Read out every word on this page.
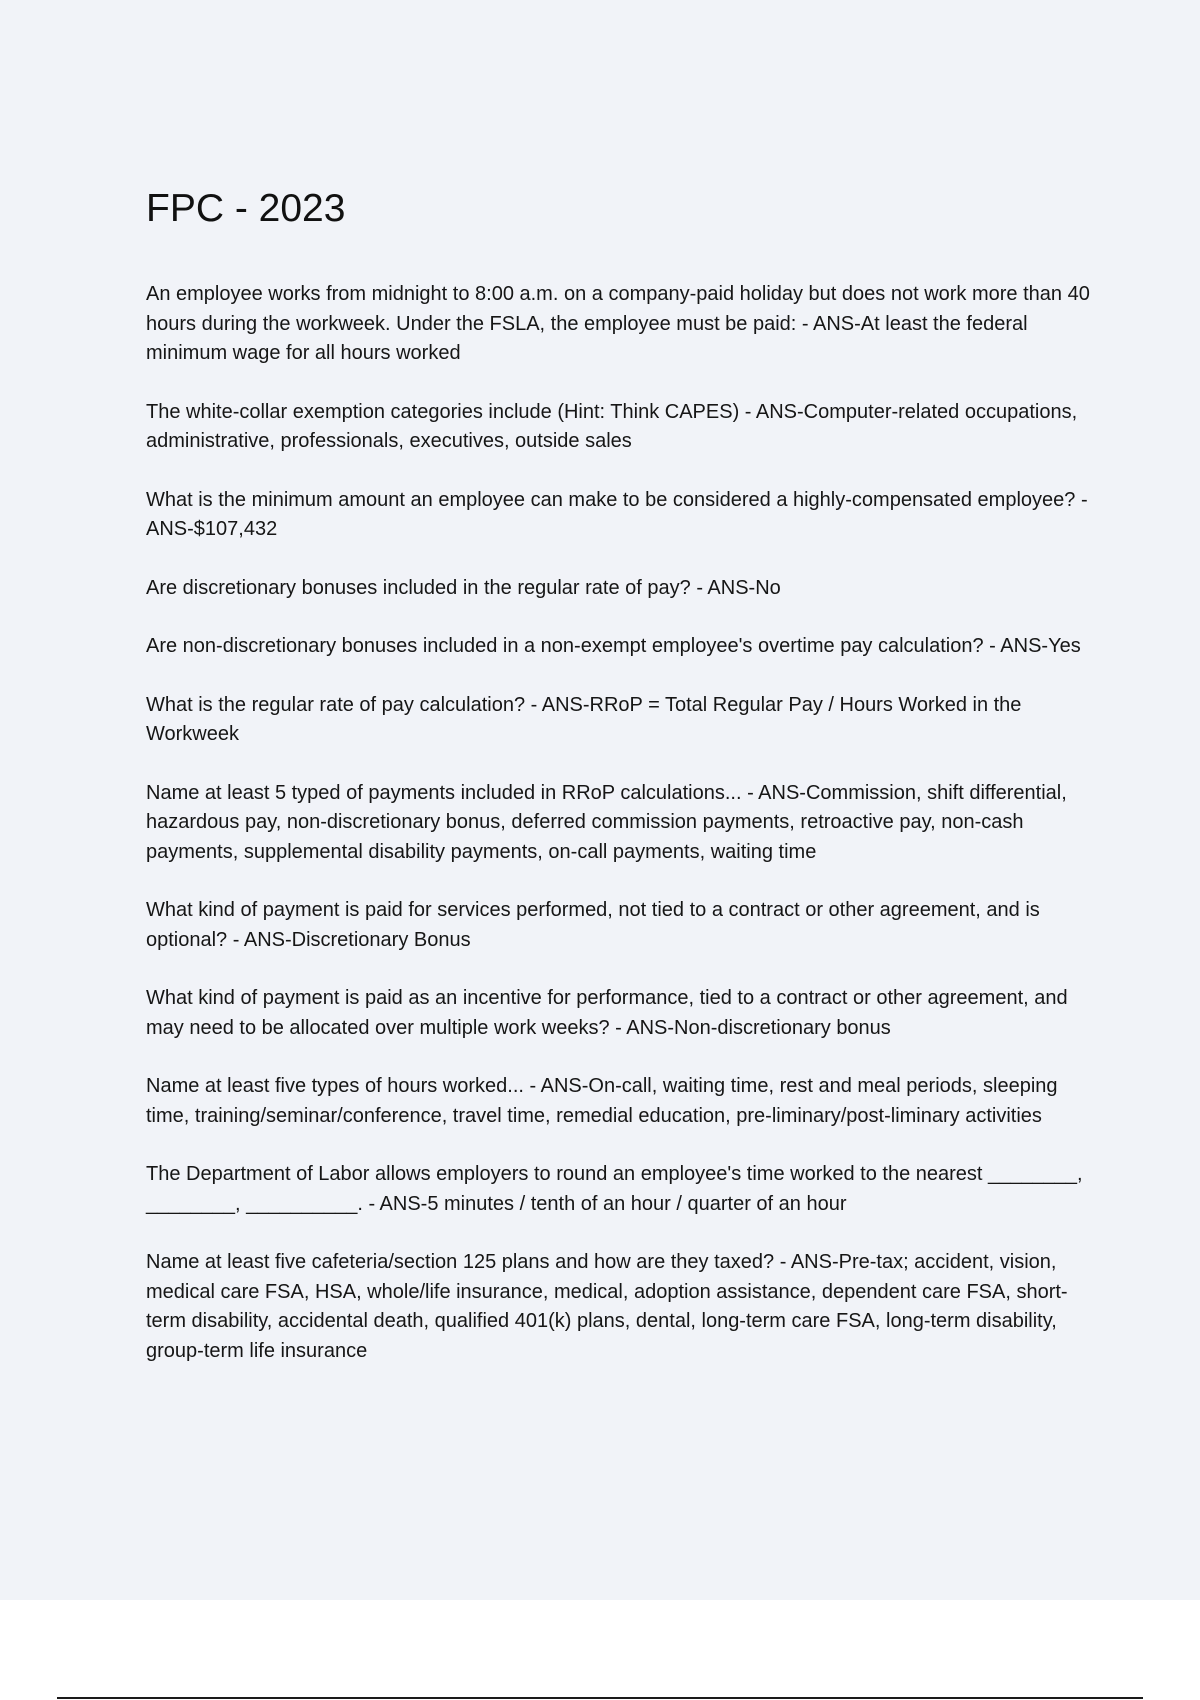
FPC - 2023
An employee works from midnight to 8:00 a.m. on a company-paid holiday but does not work more than 40 hours during the workweek. Under the FSLA, the employee must be paid: - ANS-At least the federal minimum wage for all hours worked
The white-collar exemption categories include (Hint: Think CAPES) - ANS-Computer-related occupations, administrative, professionals, executives, outside sales
What is the minimum amount an employee can make to be considered a highly-compensated employee? - ANS-$107,432
Are discretionary bonuses included in the regular rate of pay? - ANS-No
Are non-discretionary bonuses included in a non-exempt employee's overtime pay calculation? - ANS-Yes
What is the regular rate of pay calculation? - ANS-RRoP = Total Regular Pay / Hours Worked in the Workweek
Name at least 5 typed of payments included in RRoP calculations... - ANS-Commission, shift differential, hazardous pay, non-discretionary bonus, deferred commission payments, retroactive pay, non-cash payments, supplemental disability payments, on-call payments, waiting time
What kind of payment is paid for services performed, not tied to a contract or other agreement, and is optional? - ANS-Discretionary Bonus
What kind of payment is paid as an incentive for performance, tied to a contract or other agreement, and may need to be allocated over multiple work weeks? - ANS-Non-discretionary bonus
Name at least five types of hours worked... - ANS-On-call, waiting time, rest and meal periods, sleeping time, training/seminar/conference, travel time, remedial education, pre-liminary/post-liminary activities
The Department of Labor allows employers to round an employee's time worked to the nearest ________, ________, __________. - ANS-5 minutes / tenth of an hour / quarter of an hour
Name at least five cafeteria/section 125 plans and how are they taxed? - ANS-Pre-tax; accident, vision, medical care FSA, HSA, whole/life insurance, medical, adoption assistance, dependent care FSA, short-term disability, accidental death, qualified 401(k) plans, dental, long-term care FSA, long-term disability, group-term life insurance
